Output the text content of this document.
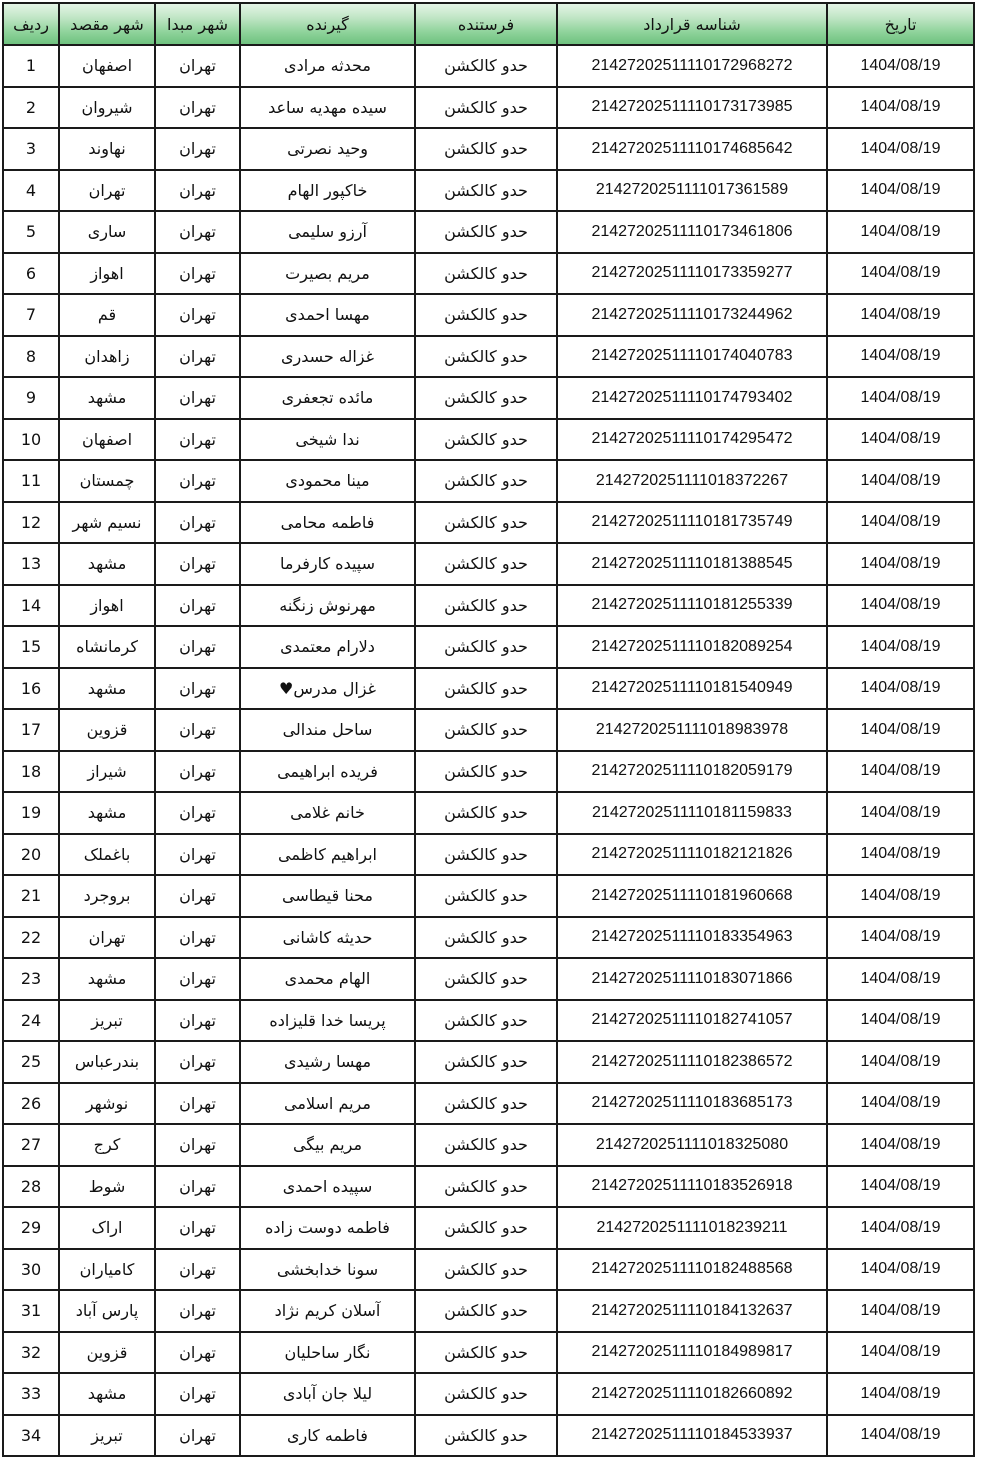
تاریخ	شناسه قرارداد	فرستنده	گیرنده	شهر مبدا	شهر مقصد	ردیف
1404/08/19	21427202511110172968272	حدو کالکشن	محدثه مرادی	تهران	اصفهان	1
1404/08/19	21427202511110173173985	حدو کالکشن	سیده مهدیه ساعد	تهران	شیروان	2
1404/08/19	21427202511110174685642	حدو کالکشن	وحید نصرتی	تهران	نهاوند	3
1404/08/19	2142720251111017361589	حدو کالکشن	خاکپور الهام	تهران	تهران	4
1404/08/19	21427202511110173461806	حدو کالکشن	آرزو سلیمی	تهران	ساری	5
1404/08/19	21427202511110173359277	حدو کالکشن	مریم بصیرت	تهران	اهواز	6
1404/08/19	21427202511110173244962	حدو کالکشن	مهسا احمدی	تهران	قم	7
1404/08/19	21427202511110174040783	حدو کالکشن	غزاله حسدری	تهران	زاهدان	8
1404/08/19	21427202511110174793402	حدو کالکشن	مائده تجعفری	تهران	مشهد	9
1404/08/19	21427202511110174295472	حدو کالکشن	ندا شیخی	تهران	اصفهان	10
1404/08/19	2142720251111018372267	حدو کالکشن	مینا محمودی	تهران	چمستان	11
1404/08/19	21427202511110181735749	حدو کالکشن	فاطمه محامی	تهران	نسیم شهر	12
1404/08/19	21427202511110181388545	حدو کالکشن	سپیده کارفرما	تهران	مشهد	13
1404/08/19	21427202511110181255339	حدو کالکشن	مهرنوش زنگنه	تهران	اهواز	14
1404/08/19	21427202511110182089254	حدو کالکشن	دلارام معتمدی	تهران	کرمانشاه	15
1404/08/19	21427202511110181540949	حدو کالکشن	غزال مدرس♥	تهران	مشهد	16
1404/08/19	2142720251111018983978	حدو کالکشن	ساحل مندالی	تهران	قزوین	17
1404/08/19	21427202511110182059179	حدو کالکشن	فریده ابراهیمی	تهران	شیراز	18
1404/08/19	21427202511110181159833	حدو کالکشن	خانم غلامی	تهران	مشهد	19
1404/08/19	21427202511110182121826	حدو کالکشن	ابراهیم کاظمی	تهران	باغملک	20
1404/08/19	21427202511110181960668	حدو کالکشن	محنا قیطاسی	تهران	بروجرد	21
1404/08/19	21427202511110183354963	حدو کالکشن	حدیثه کاشانی	تهران	تهران	22
1404/08/19	21427202511110183071866	حدو کالکشن	الهام محمدی	تهران	مشهد	23
1404/08/19	21427202511110182741057	حدو کالکشن	پریسا خدا قلیزاده	تهران	تبریز	24
1404/08/19	21427202511110182386572	حدو کالکشن	مهسا رشیدی	تهران	بندرعباس	25
1404/08/19	21427202511110183685173	حدو کالکشن	مریم اسلامی	تهران	نوشهر	26
1404/08/19	2142720251111018325080	حدو کالکشن	مریم بیگی	تهران	کرج	27
1404/08/19	21427202511110183526918	حدو کالکشن	سپیده احمدی	تهران	شوط	28
1404/08/19	2142720251111018239211	حدو کالکشن	فاطمه دوست زاده	تهران	اراک	29
1404/08/19	21427202511110182488568	حدو کالکشن	سونا خدابخشی	تهران	کامیاران	30
1404/08/19	21427202511110184132637	حدو کالکشن	آسلان کریم نژاد	تهران	پارس آباد	31
1404/08/19	21427202511110184989817	حدو کالکشن	نگار ساحلیان	تهران	قزوین	32
1404/08/19	21427202511110182660892	حدو کالکشن	لیلا جان آبادی	تهران	مشهد	33
1404/08/19	21427202511110184533937	حدو کالکشن	فاطمه کاری	تهران	تبریز	34
